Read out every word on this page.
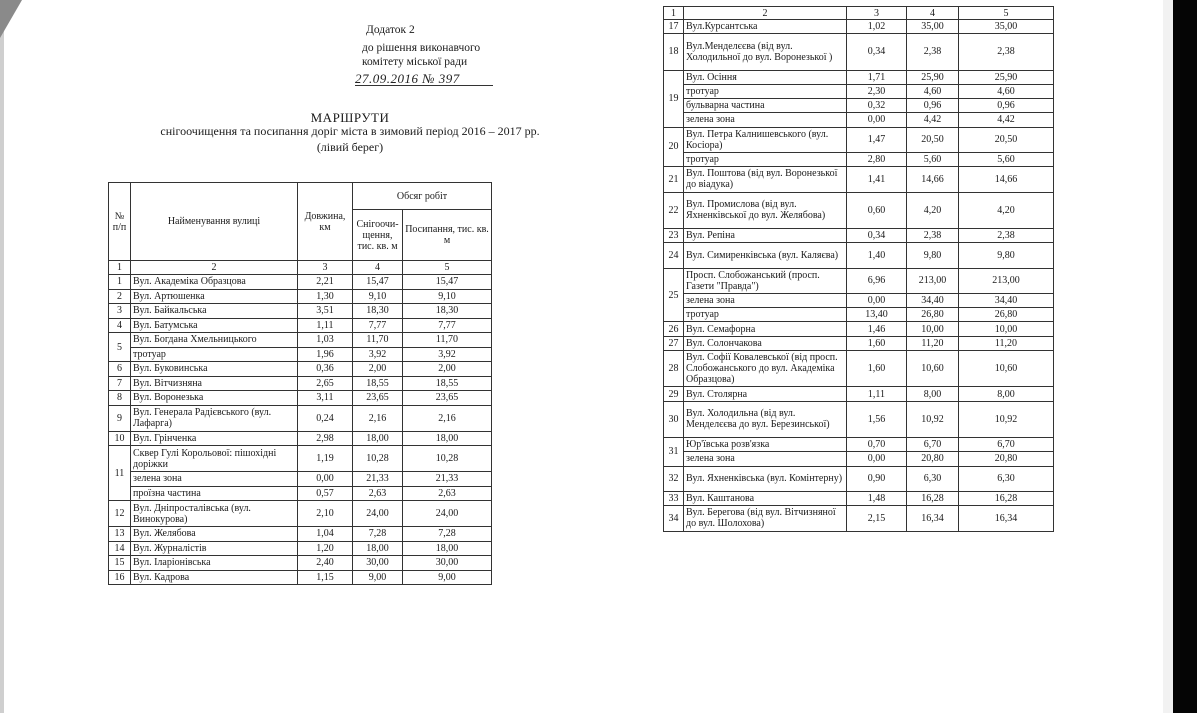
Додаток 2
до рішення виконавчого
комітету міської ради
27.09.2016 № 397
МАРШРУТИ
снігоочищення та посипання доріг міста в зимовий період 2016 – 2017 рр.
(лівий берег)
№ п/п	Найменування вулиці	Довжина, км	Обсяг робіт	
			Снігоочи-щення, тис. кв. м	Посипання, тис. кв. м
1	2	3	4	5
1	Вул. Академіка Образцова	2,21	15,47	15,47
2	Вул. Артюшенка	1,30	9,10	9,10
3	Вул. Байкальська	3,51	18,30	18,30
4	Вул. Батумська	1,11	7,77	7,77
5	Вул. Богдана Хмельницького	1,03	11,70	11,70
	тротуар	1,96	3,92	3,92
6	Вул. Буковинська	0,36	2,00	2,00
7	Вул. Вітчизняна	2,65	18,55	18,55
8	Вул. Воронезька	3,11	23,65	23,65
9	Вул. Генерала Радієвського (вул. Лафарга)	0,24	2,16	2,16
10	Вул. Грінченка	2,98	18,00	18,00
11	Сквер Гулі Корольової: пішохідні доріжки	1,19	10,28	10,28
	зелена зона	0,00	21,33	21,33
	проїзна частина	0,57	2,63	2,63
12	Вул. Дніпросталівська (вул. Винокурова)	2,10	24,00	24,00
13	Вул. Желябова	1,04	7,28	7,28
14	Вул. Журналістів	1,20	18,00	18,00
15	Вул. Іларіонівська	2,40	30,00	30,00
16	Вул. Кадрова	1,15	9,00	9,00
1	2	3	4	5
17	Вул.Курсантська	1,02	35,00	35,00
18	Вул.Менделєєва (від вул. Холодильної до вул. Воронезької )	0,34	2,38	2,38
19	Вул. Осіння	1,71	25,90	25,90
	тротуар	2,30	4,60	4,60
	бульварна частина	0,32	0,96	0,96
	зелена зона	0,00	4,42	4,42
20	Вул. Петра Калнишевського (вул. Косіора)	1,47	20,50	20,50
	тротуар	2,80	5,60	5,60
21	Вул. Поштова (від вул. Воронезької до віадука)	1,41	14,66	14,66
22	Вул. Промислова (від вул. Яхненківської до вул. Желябова)	0,60	4,20	4,20
23	Вул. Репіна	0,34	2,38	2,38
24	Вул. Симиренківська (вул. Каляєва)	1,40	9,80	9,80
25	Просп. Слобожанський (просп. Газети "Правда")	6,96	213,00	213,00
	зелена зона	0,00	34,40	34,40
	тротуар	13,40	26,80	26,80
26	Вул. Семафорна	1,46	10,00	10,00
27	Вул. Солончакова	1,60	11,20	11,20
28	Вул. Софії Ковалевської (від просп. Слобожанського до вул. Академіка Образцова)	1,60	10,60	10,60
29	Вул. Столярна	1,11	8,00	8,00
30	Вул. Холодильна (від вул. Менделєєва до вул. Березинської)	1,56	10,92	10,92
31	Юр'ївська розв'язка	0,70	6,70	6,70
	зелена зона	0,00	20,80	20,80
32	Вул. Яхненківська (вул. Комінтерну)	0,90	6,30	6,30
33	Вул. Каштанова	1,48	16,28	16,28
34	Вул. Берегова (від вул. Вітчизняної до вул. Шолохова)	2,15	16,34	16,34
